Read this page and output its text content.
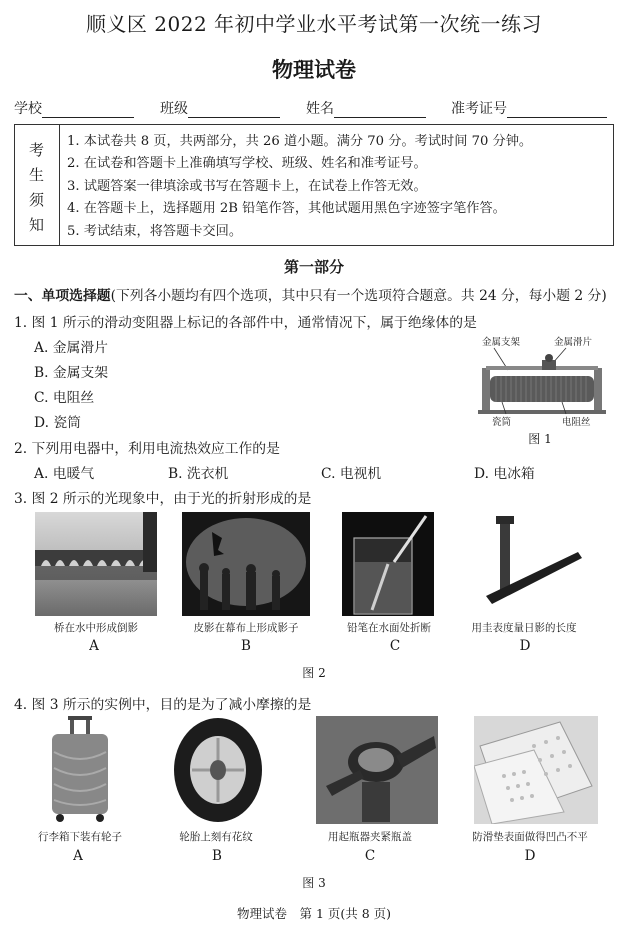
顺义区 2022 年初中学业水平考试第一次统一练习
物理试卷
学校	班级	姓名	准考证号
考
生
须
知
1. 本试卷共 8 页，共两部分，共 26 道小题。满分 70 分。考试时间 70 分钟。
2. 在试卷和答题卡上准确填写学校、班级、姓名和准考证号。
3. 试题答案一律填涂或书写在答题卡上，在试卷上作答无效。
4. 在答题卡上，选择题用 2B 铅笔作答，其他试题用黑色字迹签字笔作答。
5. 考试结束，将答题卡交回。
第一部分
一、单项选择题(下列各小题均有四个选项，其中只有一个选项符合题意。共 24 分，每小题 2 分)
1. 图 1 所示的滑动变阻器上标记的各部件中，通常情况下，属于绝缘体的是
A. 金属滑片
B. 金属支架
C. 电阻丝
D. 瓷筒
金属支架	金属滑片
瓷筒	电阻丝
图 1
2. 下列用电器中，利用电流热效应工作的是
A. 电暖气	B. 洗衣机	C. 电视机	D. 电冰箱
3. 图 2 所示的光现象中，由于光的折射形成的是
桥在水中形成倒影	皮影在幕布上形成影子	铅笔在水面处折断	用圭表度量日影的长度
A	B	C	D
图 2
4. 图 3 所示的实例中，目的是为了减小摩擦的是
行李箱下装有轮子	轮胎上刻有花纹	用起瓶器夹紧瓶盖	防滑垫表面做得凹凸不平
A	B	C	D
图 3
物理试卷　第 1 页(共 8 页)
